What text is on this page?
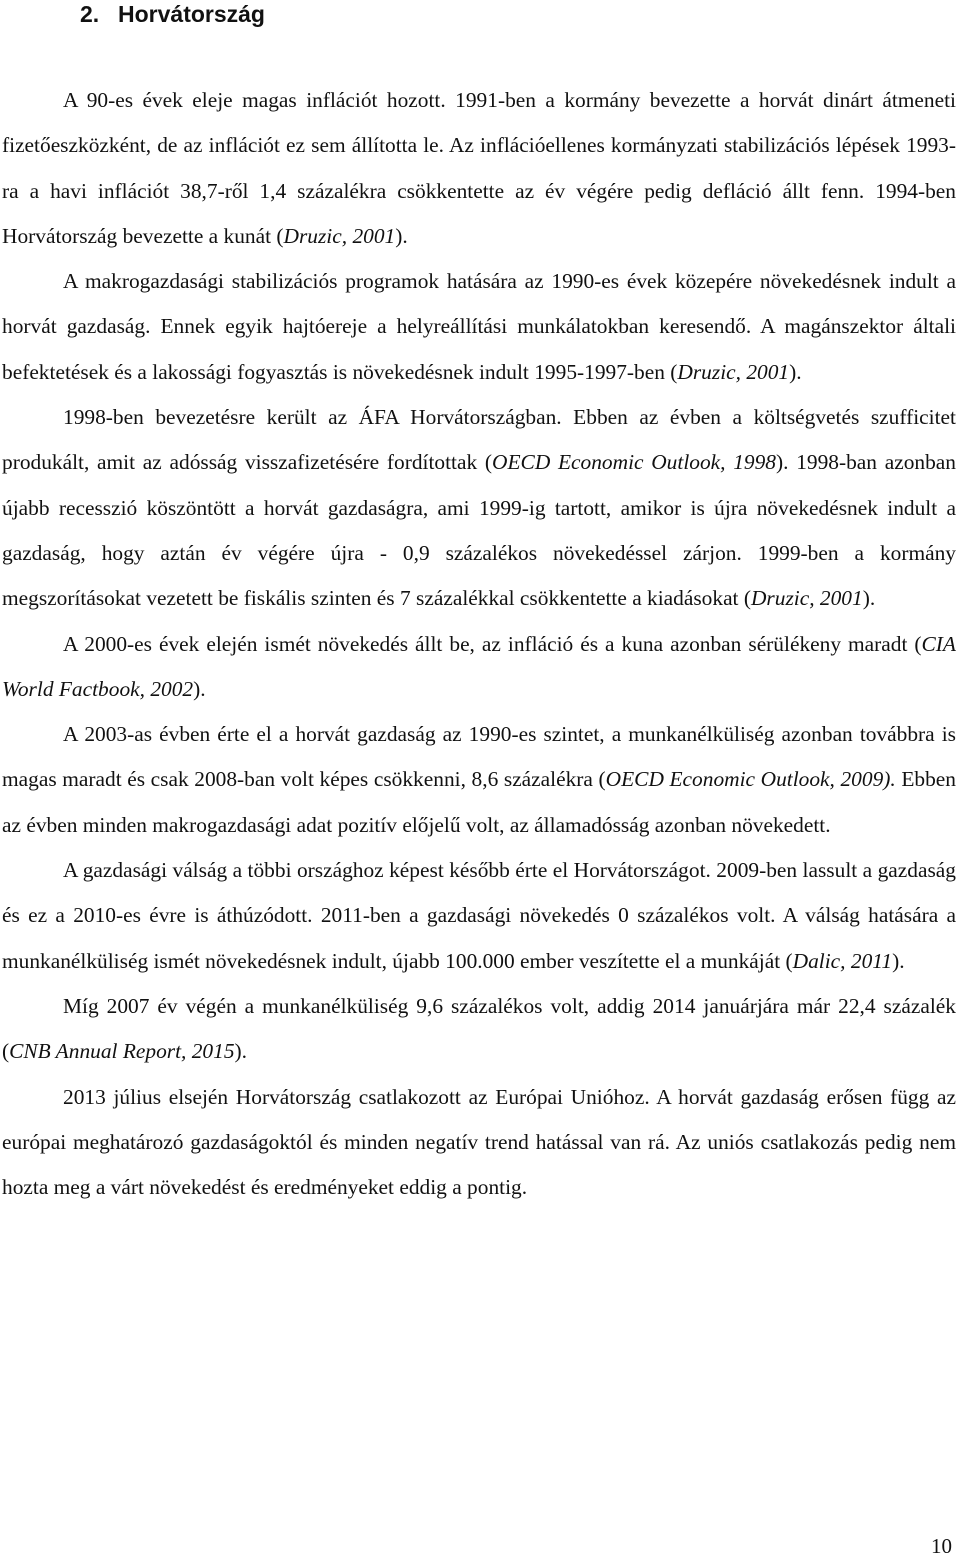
2. Horvátország

A 90-es évek eleje magas inflációt hozott. 1991-ben a kormány bevezette a horvát dinárt átmeneti fizetőeszközként, de az inflációt ez sem állította le. Az inflációellenes kormányzati stabilizációs lépések 1993-ra a havi inflációt 38,7-ről 1,4 százalékra csökkentette az év végére pedig defláció állt fenn. 1994-ben Horvátország bevezette a kunát (Druzic, 2001).

A makrogazdasági stabilizációs programok hatására az 1990-es évek közepére növekedésnek indult a horvát gazdaság. Ennek egyik hajtóereje a helyreállítási munkálatokban keresendő. A magánszektor általi befektetések és a lakossági fogyasztás is növekedésnek indult 1995-1997-ben (Druzic, 2001).

1998-ben bevezetésre került az ÁFA Horvátországban. Ebben az évben a költségvetés szufficitet produkált, amit az adósság visszafizetésére fordítottak (OECD Economic Outlook, 1998). 1998-ban azonban újabb recesszió köszöntött a horvát gazdaságra, ami 1999-ig tartott, amikor is újra növekedésnek indult a gazdaság, hogy aztán év végére újra - 0,9 százalékos növekedéssel zárjon. 1999-ben a kormány megszorításokat vezetett be fiskális szinten és 7 százalékkal csökkentette a kiadásokat (Druzic, 2001).

A 2000-es évek elején ismét növekedés állt be, az infláció és a kuna azonban sérülékeny maradt (CIA World Factbook, 2002).

A 2003-as évben érte el a horvát gazdaság az 1990-es szintet, a munkanélküliség azonban továbbra is magas maradt és csak 2008-ban volt képes csökkenni, 8,6 százalékra (OECD Economic Outlook, 2009). Ebben az évben minden makrogazdasági adat pozitív előjelű volt, az államadósság azonban növekedett.

A gazdasági válság a többi országhoz képest később érte el Horvátországot. 2009-ben lassult a gazdaság és ez a 2010-es évre is áthúzódott. 2011-ben a gazdasági növekedés 0 százalékos volt. A válság hatására a munkanélküliség ismét növekedésnek indult, újabb 100.000 ember veszítette el a munkáját (Dalic, 2011).

Míg 2007 év végén a munkanélküliség 9,6 százalékos volt, addig 2014 januárjára már 22,4 százalék (CNB Annual Report, 2015).

2013 július elsején Horvátország csatlakozott az Európai Unióhoz. A horvát gazdaság erősen függ az európai meghatározó gazdaságoktól és minden negatív trend hatással van rá. Az uniós csatlakozás pedig nem hozta meg a várt növekedést és eredményeket eddig a pontig.

10
